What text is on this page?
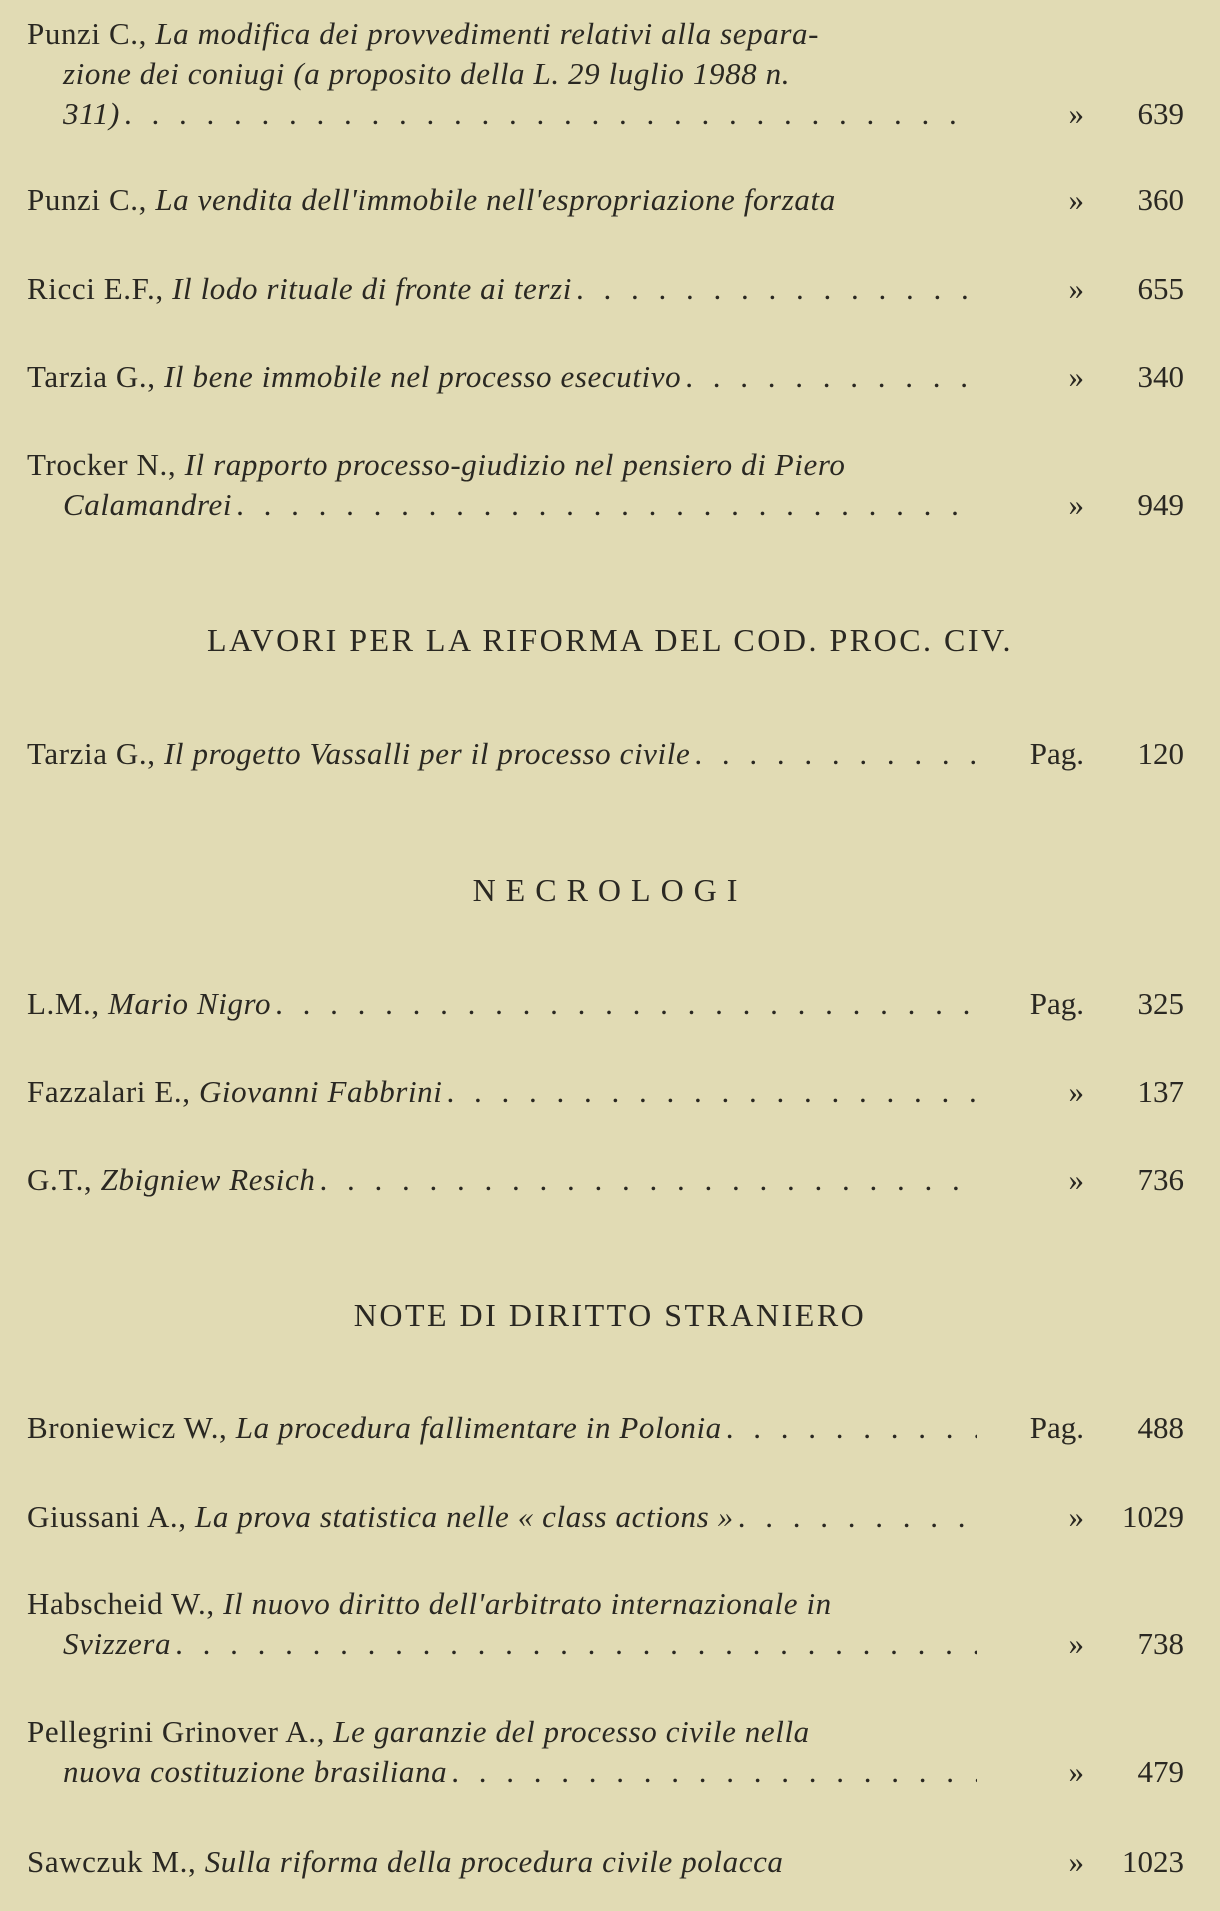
Punzi C., La modifica dei provvedimenti relativi alla separa-
zione dei coniugi (a proposito della L. 29 luglio 1988 n.
311) . . .	»	639
Punzi C., La vendita dell'immobile nell'espropriazione forzata	»	360
Ricci E.F., Il lodo rituale di fronte ai terzi . . .	»	655
Tarzia G., Il bene immobile nel processo esecutivo . . .	»	340
Trocker N., Il rapporto processo-giudizio nel pensiero di Piero
Calamandrei . . .	»	949
LAVORI PER LA RIFORMA DEL COD. PROC. CIV.
Tarzia G., Il progetto Vassalli per il processo civile . . .	Pag.	120
NECROLOGI
L.M., Mario Nigro . . .	Pag.	325
Fazzalari E., Giovanni Fabbrini . . .	»	137
G.T., Zbigniew Resich . . .	»	736
NOTE DI DIRITTO STRANIERO
Broniewicz W., La procedura fallimentare in Polonia . . .	Pag.	488
Giussani A., La prova statistica nelle « class actions » . . .	»	1029
Habscheid W., Il nuovo diritto dell'arbitrato internazionale in
Svizzera . . .	»	738
Pellegrini Grinover A., Le garanzie del processo civile nella
nuova costituzione brasiliana . . .	»	479
Sawczuk M., Sulla riforma della procedura civile polacca	»	1023
